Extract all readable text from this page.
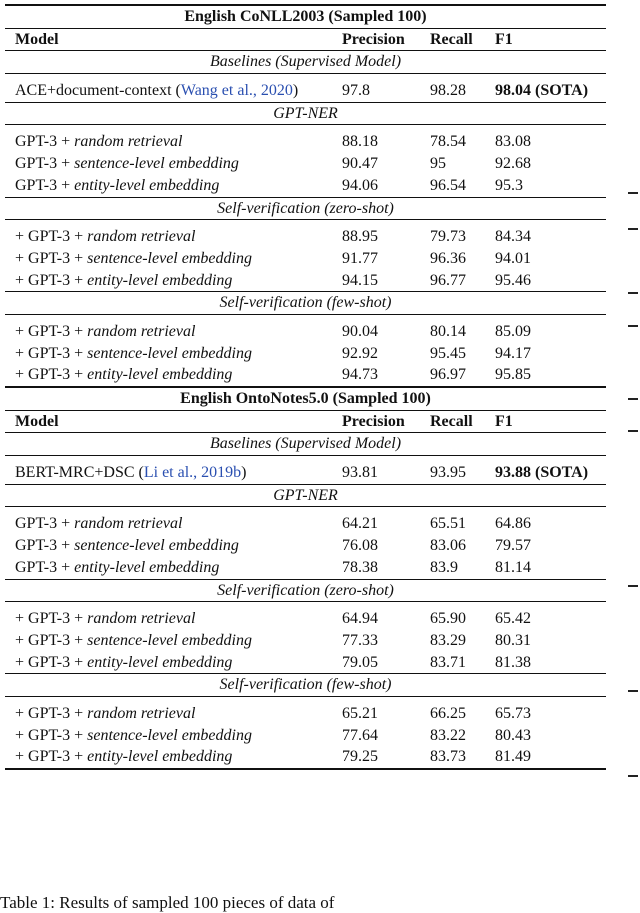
English CoNLL2003 (Sampled 100)
Model	Precision Recall F1
Baselines (Supervised Model)
ACE+document-context (Wang et al., 2020)	97.8	98.28 98.04 (SOTA)
GPT-NER
GPT-3 + random retrieval	88.18	78.54 83.08
GPT-3 + sentence-level embedding	90.47	95	92.68
GPT-3 + entity-level embedding	94.06	96.54 95.3
Self-verification (zero-shot)
+ GPT-3 + random retrieval	88.95	79.73 84.34
+ GPT-3 + sentence-level embedding	91.77	96.36 94.01
+ GPT-3 + entity-level embedding	94.15	96.77 95.46
Self-verification (few-shot)
+ GPT-3 + random retrieval	90.04	80.14 85.09
+ GPT-3 + sentence-level embedding	92.92	95.45 94.17
+ GPT-3 + entity-level embedding	94.73	96.97 95.85
English OntoNotes5.0 (Sampled 100)
Model	Precision Recall F1
Baselines (Supervised Model)
BERT-MRC+DSC (Li et al., 2019b)	93.81	93.95 93.88 (SOTA)
GPT-NER
GPT-3 + random retrieval	64.21	65.51 64.86
GPT-3 + sentence-level embedding	76.08	83.06 79.57
GPT-3 + entity-level embedding	78.38	83.9 81.14
Self-verification (zero-shot)
+ GPT-3 + random retrieval	64.94	65.90 65.42
+ GPT-3 + sentence-level embedding	77.33	83.29 80.31
+ GPT-3 + entity-level embedding	79.05	83.71 81.38
Self-verification (few-shot)
+ GPT-3 + random retrieval	65.21	66.25 65.73
+ GPT-3 + sentence-level embedding	77.64	83.22 80.43
+ GPT-3 + entity-level embedding	79.25	83.73 81.49
Table 1: Results of sampled 100 pieces of data of
